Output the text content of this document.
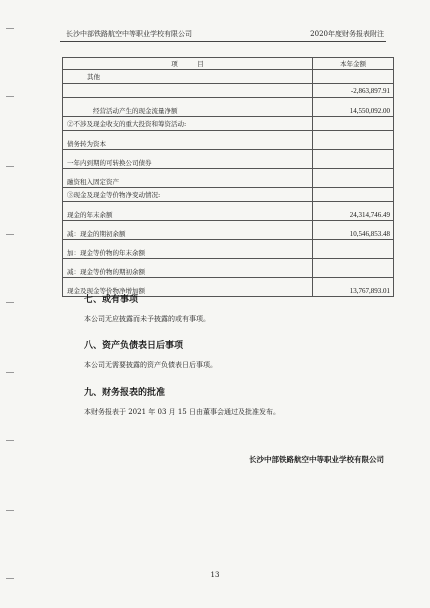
长沙中部铁路航空中等职业学校有限公司	2020年度财务报表附注
项　　　目	本年金额
其他	
	-2,863,897.91
经营活动产生的现金流量净额	14,550,092.00
②不涉及现金收支的重大投资和筹资活动:	
债务转为资本	
一年内到期的可转换公司债券	
融资租入固定资产	
③现金及现金等价物净变动情况:	
现金的年末余额	24,314,746.49
减：现金的期初余额	10,546,853.48
加：现金等价物的年末余额	
减：现金等价物的期初余额	
现金及现金等价物净增加额	13,767,893.01
七、或有事项
本公司无应披露而未予披露的或有事项。
八、资产负债表日后事项
本公司无需要披露的资产负债表日后事项。
九、财务报表的批准
本财务报表于 2021 年 03 月 15 日由董事会通过及批准发布。
长沙中部铁路航空中等职业学校有限公司
13
